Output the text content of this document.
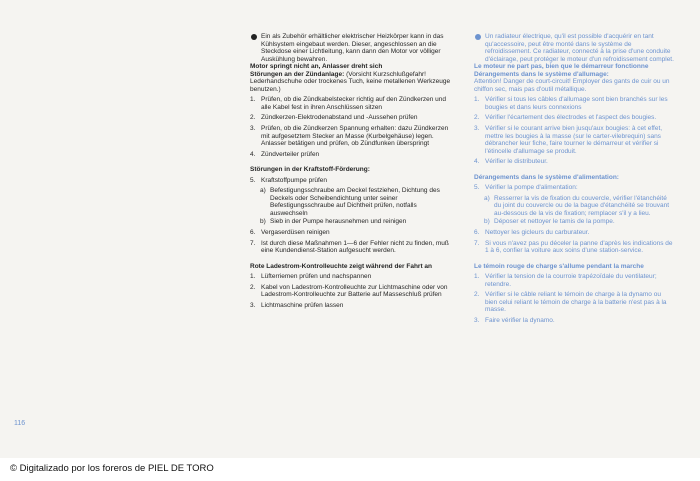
Ein als Zubehör erhältlicher elektrischer Heizkörper kann in das Kühlsystem eingebaut werden. Dieser, angeschlossen an die Steckdose einer Lichtleitung, kann dann den Motor vor völliger Auskühlung bewahren.

Motor springt nicht an, Anlasser dreht sich

Störungen an der Zündanlage: (Vorsicht Kurzschlußgefahr! Lederhandschuhe oder trockenes Tuch, keine metallenen Werkzeuge benutzen.)

1. Prüfen, ob die Zündkabelstecker richtig auf den Zündkerzen und alle Kabel fest in ihren Anschlüssen sitzen
2. Zündkerzen-Elektrodenabstand und -Aussehen prüfen
3. Prüfen, ob die Zündkerzen Spannung erhalten: dazu Zündkerzen mit aufgesetztem Stecker an Masse (Kurbelgehäuse) legen. Anlasser betätigen und prüfen, ob Zündfunken überspringt
4. Zündverteiler prüfen

Störungen in der Kraftstoff-Förderung:

5. Kraftstoffpumpe prüfen
a) Befestigungsschraube am Deckel festziehen, Dichtung des Deckels oder Scheibendichtung unter seiner Befestigungsschraube auf Dichtheit prüfen, notfalls auswechseln
b) Sieb in der Pumpe herausnehmen und reinigen
6. Vergaserdüsen reinigen
7. Ist durch diese Maßnahmen 1—6 der Fehler nicht zu finden, muß eine Kundendienst-Station aufgesucht werden.

Rote Ladestrom-Kontrolleuchte zeigt während der Fahrt an

1. Lüfterriemen prüfen und nachspannen
2. Kabel von Ladestrom-Kontrolleuchte zur Lichtmaschine oder von Ladestrom-Kontrolleuchte zur Batterie auf Masseschluß prüfen
3. Lichtmaschine prüfen lassen

Un radiateur électrique, qu'il est possible d'acquérir en tant qu'accessoire, peut être monté dans le système de refroidissement. Ce radiateur, connecté à la prise d'une conduite d'éclairage, peut protéger le moteur d'un refroidissement complet.

Le moteur ne part pas, bien que le démarreur fonctionne

Dérangements dans le système d'allumage:

Attention! Danger de court-circuit! Employer des gants de cuir ou un chiffon sec, mais pas d'outil métallique.

1. Vérifier si tous les câbles d'allumage sont bien branchés sur les bougies et dans leurs connexions
2. Vérifier l'écartement des électrodes et l'aspect des bougies.
3. Vérifier si le courant arrive bien jusqu'aux bougies: à cet effet, mettre les bougies à la masse (sur le carter-vilebrequin) sans débrancher leur fiche, faire tourner le démarreur et vérifier si l'étincelle d'allumage se produit.
4. Vérifier le distributeur.

Dérangements dans le système d'alimentation:

5. Vérifier la pompe d'alimentation:
a) Resserrer la vis de fixation du couvercle, vérifier l'étanchéité du joint du couvercle ou de la bague d'étanchéité se trouvant au-dessous de la vis de fixation; remplacer s'il y a lieu.
b) Déposer et nettoyer le tamis de la pompe.
6. Nettoyer les gicleurs du carburateur.
7. Si vous n'avez pas pu déceler la panne d'après les indications de 1 à 6, confier la voiture aux soins d'une station-service.

Le témoin rouge de charge s'allume pendant la marche

1. Vérifier la tension de la courroie trapézoïdale du ventilateur; retendre.
2. Vérifier si le câble reliant le témoin de charge à la dynamo ou bien celui reliant le témoin de charge à la batterie n'est pas à la masse.
3. Faire vérifier la dynamo.
116
© Digitalizado por los foreros de PIEL DE TORO
